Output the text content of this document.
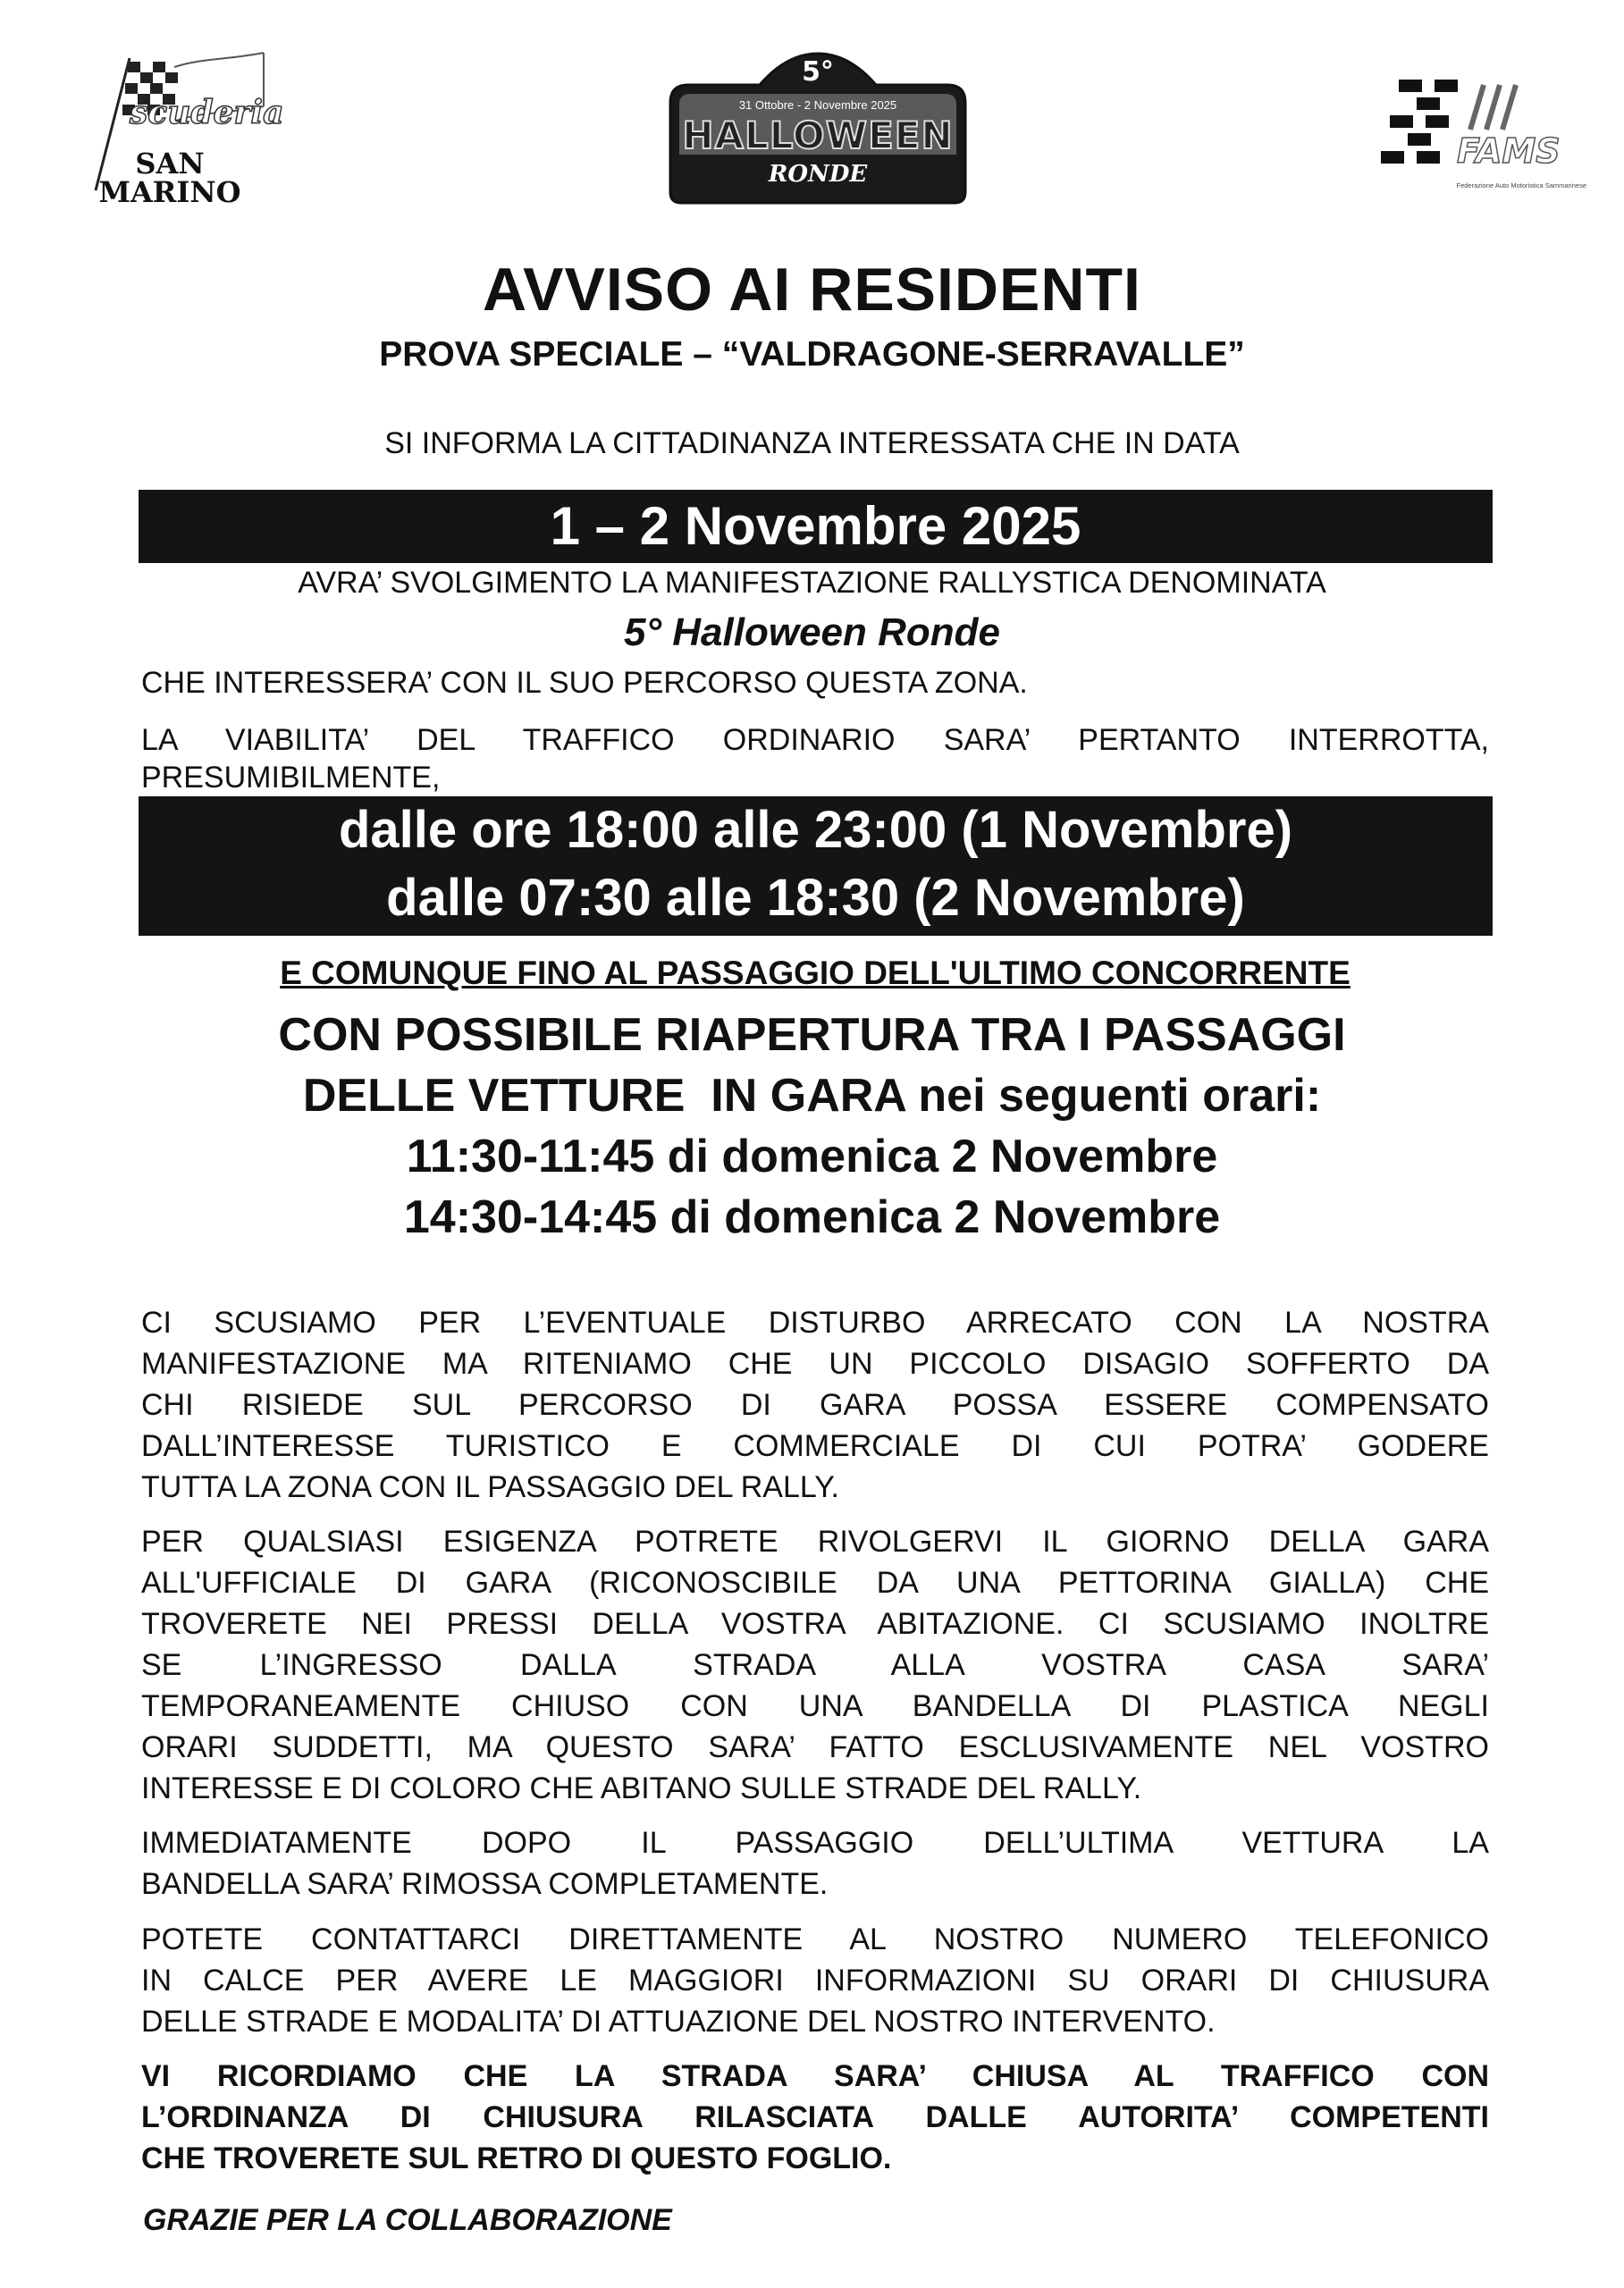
scuderia
SAN
MARINO
5°
31 Ottobre - 2 Novembre 2025
HALLOWEEN
RONDE
FAMS
Federazione Auto Motoristica Sammarinese
AVVISO AI RESIDENTI
PROVA SPECIALE – “VALDRAGONE-SERRAVALLE”
SI INFORMA LA CITTADINANZA INTERESSATA CHE IN DATA
1 – 2 Novembre 2025
AVRA’ SVOLGIMENTO LA MANIFESTAZIONE RALLYSTICA DENOMINATA
5° Halloween Ronde
CHE INTERESSERA’ CON IL SUO PERCORSO QUESTA ZONA.
LA VIABILITA’ DEL TRAFFICO ORDINARIO SARA’ PERTANTO INTERROTTA,
PRESUMIBILMENTE,
dalle ore 18:00 alle 23:00 (1 Novembre)
dalle 07:30 alle 18:30 (2 Novembre)
E COMUNQUE FINO AL PASSAGGIO DELL'ULTIMO CONCORRENTE
CON POSSIBILE RIAPERTURA TRA I PASSAGGI
DELLE VETTURE  IN GARA nei seguenti orari:
11:30-11:45 di domenica 2 Novembre
14:30-14:45 di domenica 2 Novembre
CI SCUSIAMO PER L’EVENTUALE DISTURBO ARRECATO CON LA NOSTRA
MANIFESTAZIONE MA RITENIAMO CHE UN PICCOLO DISAGIO SOFFERTO DA
CHI RISIEDE SUL PERCORSO DI GARA POSSA ESSERE COMPENSATO
DALL’INTERESSE TURISTICO E COMMERCIALE DI CUI POTRA’ GODERE
TUTTA LA ZONA CON IL PASSAGGIO DEL RALLY.
PER QUALSIASI ESIGENZA POTRETE RIVOLGERVI IL GIORNO DELLA GARA
ALL'UFFICIALE DI GARA (RICONOSCIBILE DA UNA PETTORINA GIALLA) CHE
TROVERETE NEI PRESSI DELLA VOSTRA ABITAZIONE. CI SCUSIAMO INOLTRE
SE L’INGRESSO DALLA STRADA ALLA VOSTRA CASA SARA’
TEMPORANEAMENTE CHIUSO CON UNA BANDELLA DI PLASTICA NEGLI
ORARI SUDDETTI, MA QUESTO SARA’ FATTO ESCLUSIVAMENTE NEL VOSTRO
INTERESSE E DI COLORO CHE ABITANO SULLE STRADE DEL RALLY.
IMMEDIATAMENTE DOPO IL PASSAGGIO DELL’ULTIMA VETTURA LA
BANDELLA SARA’ RIMOSSA COMPLETAMENTE.
POTETE CONTATTARCI DIRETTAMENTE AL NOSTRO NUMERO TELEFONICO
IN CALCE PER AVERE LE MAGGIORI INFORMAZIONI SU ORARI DI CHIUSURA
DELLE STRADE E MODALITA’ DI ATTUAZIONE DEL NOSTRO INTERVENTO.
VI RICORDIAMO CHE LA STRADA SARA’ CHIUSA AL TRAFFICO CON
L’ORDINANZA DI CHIUSURA RILASCIATA DALLE AUTORITA’ COMPETENTI
CHE TROVERETE SUL RETRO DI QUESTO FOGLIO.
GRAZIE PER LA COLLABORAZIONE
